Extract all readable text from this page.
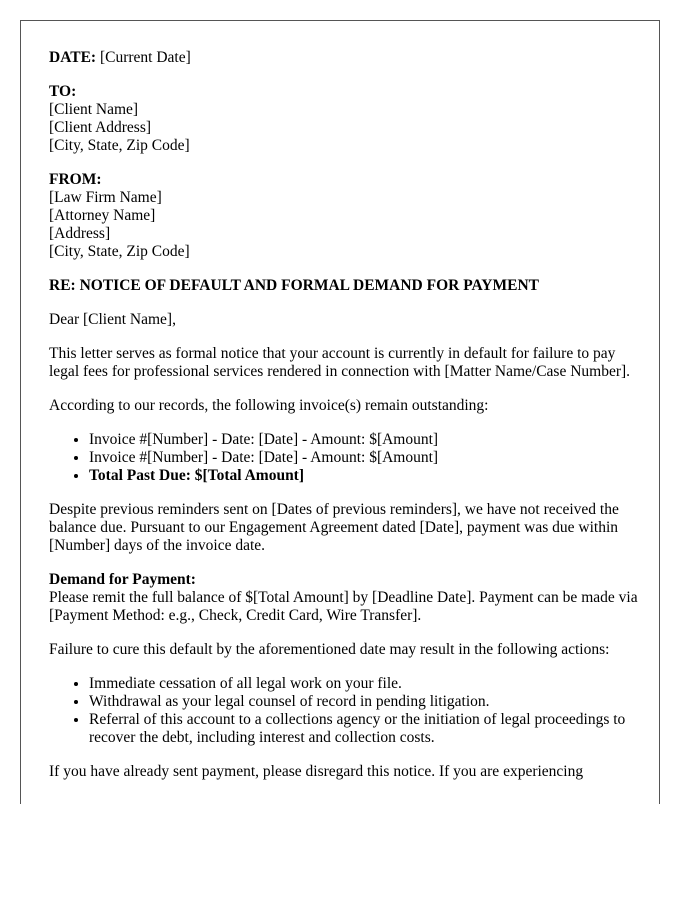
DATE: [Current Date]
TO:
[Client Name]
[Client Address]
[City, State, Zip Code]
FROM:
[Law Firm Name]
[Attorney Name]
[Address]
[City, State, Zip Code]

RE: NOTICE OF DEFAULT AND FORMAL DEMAND FOR PAYMENT

Dear [Client Name],

This letter serves as formal notice that your account is currently in default for failure to pay legal fees for professional services rendered in connection with [Matter Name/Case Number].

According to our records, the following invoice(s) remain outstanding:

• Invoice #[Number] - Date: [Date] - Amount: $[Amount]
• Invoice #[Number] - Date: [Date] - Amount: $[Amount]
• Total Past Due: $[Total Amount]

Despite previous reminders sent on [Dates of previous reminders], we have not received the balance due. Pursuant to our Engagement Agreement dated [Date], payment was due within [Number] days of the invoice date.

Demand for Payment:
Please remit the full balance of $[Total Amount] by [Deadline Date]. Payment can be made via [Payment Method: e.g., Check, Credit Card, Wire Transfer].

Failure to cure this default by the aforementioned date may result in the following actions:

• Immediate cessation of all legal work on your file.
• Withdrawal as your legal counsel of record in pending litigation.
• Referral of this account to a collections agency or the initiation of legal proceedings to recover the debt, including interest and collection costs.

If you have already sent payment, please disregard this notice. If you are experiencing
